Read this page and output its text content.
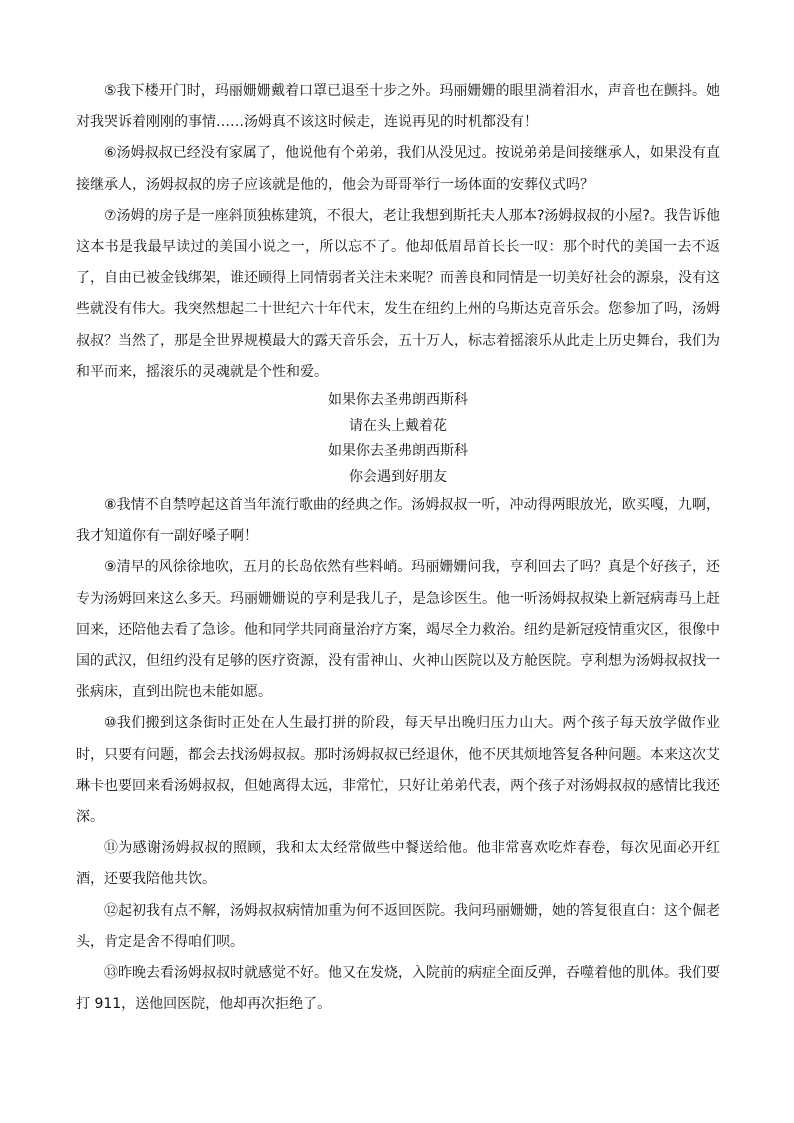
⑤我下楼开门时，玛丽姗姗戴着口罩已退至十步之外。玛丽姗姗的眼里淌着泪水，声音也在颤抖。她对我哭诉着刚刚的事情……汤姆真不该这时候走，连说再见的时机都没有！

⑥汤姆叔叔已经没有家属了，他说他有个弟弟，我们从没见过。按说弟弟是间接继承人，如果没有直接继承人，汤姆叔叔的房子应该就是他的，他会为哥哥举行一场体面的安葬仪式吗？

⑦汤姆的房子是一座斜顶独栋建筑，不很大，老让我想到斯托夫人那本?汤姆叔叔的小屋?。我告诉他这本书是我最早读过的美国小说之一，所以忘不了。他却低眉昂首长长一叹：那个时代的美国一去不返了，自由已被金钱绑架，谁还顾得上同情弱者关注未来呢？而善良和同情是一切美好社会的源泉，没有这些就没有伟大。我突然想起二十世纪六十年代末，发生在纽约上州的乌斯达克音乐会。您参加了吗，汤姆叔叔？当然了，那是全世界规模最大的露天音乐会，五十万人，标志着摇滚乐从此走上历史舞台，我们为和平而来，摇滚乐的灵魂就是个性和爱。

如果你去圣弗朗西斯科
请在头上戴着花
如果你去圣弗朗西斯科
你会遇到好朋友

⑧我情不自禁哼起这首当年流行歌曲的经典之作。汤姆叔叔一听，冲动得两眼放光，欧买嘎，九啊，我才知道你有一副好嗓子啊！

⑨清早的风徐徐地吹，五月的长岛依然有些料峭。玛丽姗姗问我，亨利回去了吗？真是个好孩子，还专为汤姆回来这么多天。玛丽姗姗说的亨利是我儿子，是急诊医生。他一听汤姆叔叔染上新冠病毒马上赶回来，还陪他去看了急诊。他和同学共同商量治疗方案，竭尽全力救治。纽约是新冠疫情重灾区，很像中国的武汉，但纽约没有足够的医疗资源，没有雷神山、火神山医院以及方舱医院。亨利想为汤姆叔叔找一张病床，直到出院也未能如愿。

⑩我们搬到这条街时正处在人生最打拼的阶段，每天早出晚归压力山大。两个孩子每天放学做作业时，只要有问题，都会去找汤姆叔叔。那时汤姆叔叔已经退休，他不厌其烦地答复各种问题。本来这次艾琳卡也要回来看汤姆叔叔，但她离得太远，非常忙，只好让弟弟代表，两个孩子对汤姆叔叔的感情比我还深。

⑪为感谢汤姆叔叔的照顾，我和太太经常做些中餐送给他。他非常喜欢吃炸春卷，每次见面必开红酒，还要我陪他共饮。

⑫起初我有点不解，汤姆叔叔病情加重为何不返回医院。我问玛丽姗姗，她的答复很直白：这个倔老头，肯定是舍不得咱们呗。

⑬昨晚去看汤姆叔叔时就感觉不好。他又在发烧，入院前的病症全面反弹，吞噬着他的肌体。我们要打 911，送他回医院，他却再次拒绝了。
